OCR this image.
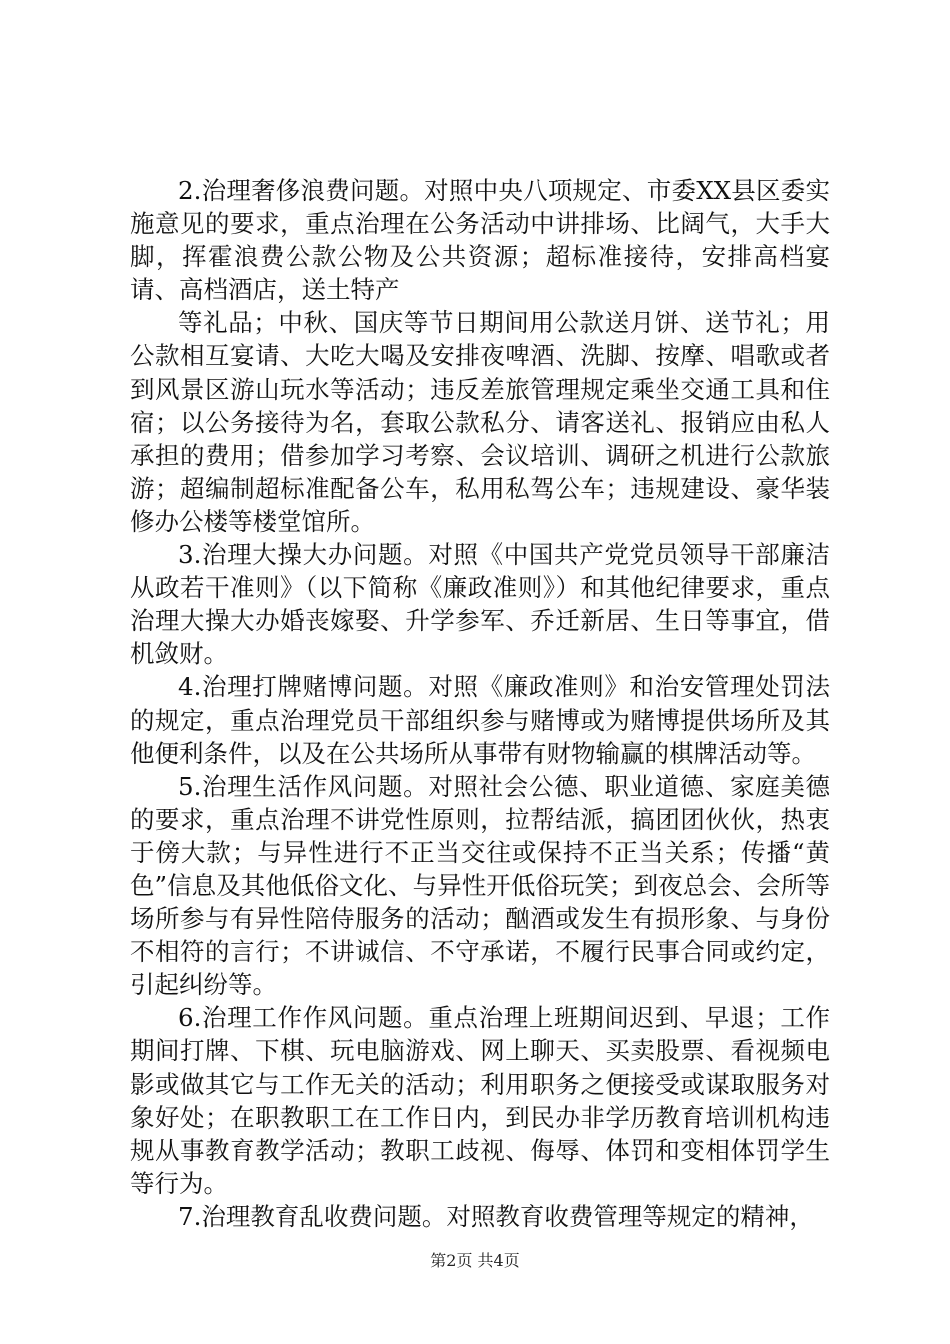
2.治理奢侈浪费问题。对照中央八项规定、市委XX县区委实施意见的要求，重点治理在公务活动中讲排场、比阔气，大手大脚，挥霍浪费公款公物及公共资源；超标准接待，安排高档宴请、高档酒店，送土特产

等礼品；中秋、国庆等节日期间用公款送月饼、送节礼；用公款相互宴请、大吃大喝及安排夜啤酒、洗脚、按摩、唱歌或者到风景区游山玩水等活动；违反差旅管理规定乘坐交通工具和住宿；以公务接待为名，套取公款私分、请客送礼、报销应由私人承担的费用；借参加学习考察、会议培训、调研之机进行公款旅游；超编制超标准配备公车，私用私驾公车；违规建设、豪华装修办公楼等楼堂馆所。

3.治理大操大办问题。对照《中国共产党党员领导干部廉洁从政若干准则》（以下简称《廉政准则》）和其他纪律要求，重点治理大操大办婚丧嫁娶、升学参军、乔迁新居、生日等事宜，借机敛财。

4.治理打牌赌博问题。对照《廉政准则》和治安管理处罚法的规定，重点治理党员干部组织参与赌博或为赌博提供场所及其他便利条件，以及在公共场所从事带有财物输赢的棋牌活动等。

5.治理生活作风问题。对照社会公德、职业道德、家庭美德的要求，重点治理不讲党性原则，拉帮结派，搞团团伙伙，热衷于傍大款；与异性进行不正当交往或保持不正当关系；传播“黄色”信息及其他低俗文化、与异性开低俗玩笑；到夜总会、会所等场所参与有异性陪侍服务的活动；酗酒或发生有损形象、与身份不相符的言行；不讲诚信、不守承诺，不履行民事合同或约定，引起纠纷等。

6.治理工作作风问题。重点治理上班期间迟到、早退；工作期间打牌、下棋、玩电脑游戏、网上聊天、买卖股票、看视频电影或做其它与工作无关的活动；利用职务之便接受或谋取服务对象好处；在职教职工在工作日内，到民办非学历教育培训机构违规从事教育教学活动；教职工歧视、侮辱、体罚和变相体罚学生等行为。

7.治理教育乱收费问题。对照教育收费管理等规定的精神，

第2页 共4页
